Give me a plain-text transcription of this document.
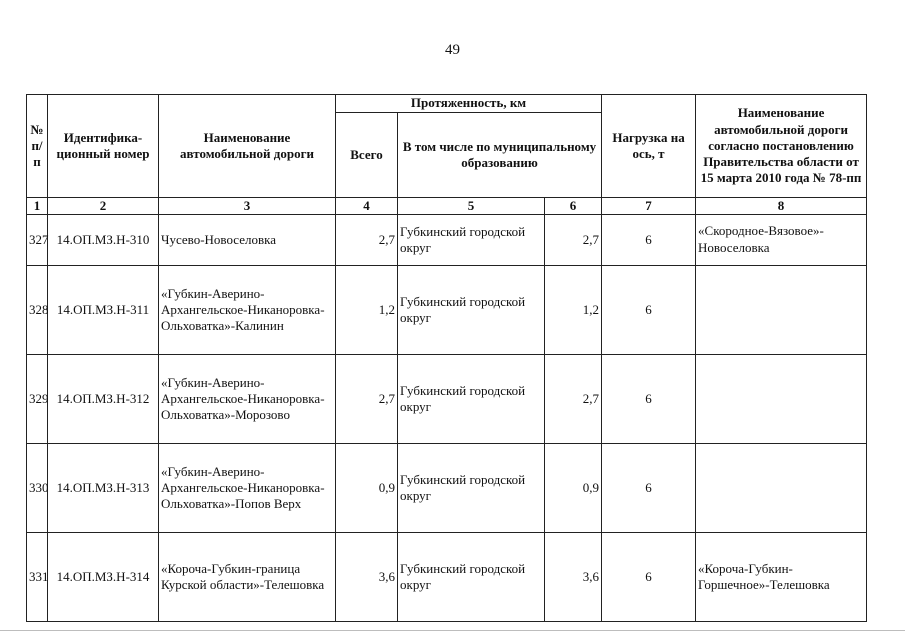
49
№ п/п	Идентифика-ционный номер	Наименование автомобильной дороги	Протяженность, км			Нагрузка на ось, т	Наименование автомобильной дороги согласно постановлению Правительства области от 15 марта 2010 года № 78-пп
			Всего	В том числе по муниципальному образованию			
1	2	3	4	5	6	7	8
327	14.ОП.МЗ.Н-310	Чусево-Новоселовка	2,7	Губкинский городской округ	2,7	6	«Скородное-Вязовое»-Новоселовка
328	14.ОП.МЗ.Н-311	«Губкин-Аверино-Архангельское-Никаноровка-Ольховатка»-Калинин	1,2	Губкинский городской округ	1,2	6	
329	14.ОП.МЗ.Н-312	«Губкин-Аверино-Архангельское-Никаноровка-Ольховатка»-Морозово	2,7	Губкинский городской округ	2,7	6	
330	14.ОП.МЗ.Н-313	«Губкин-Аверино-Архангельское-Никаноровка-Ольховатка»-Попов Верх	0,9	Губкинский городской округ	0,9	6	
331	14.ОП.МЗ.Н-314	«Короча-Губкин-граница Курской области»-Телешовка	3,6	Губкинский городской округ	3,6	6	«Короча-Губкин-Горшечное»-Телешовка
